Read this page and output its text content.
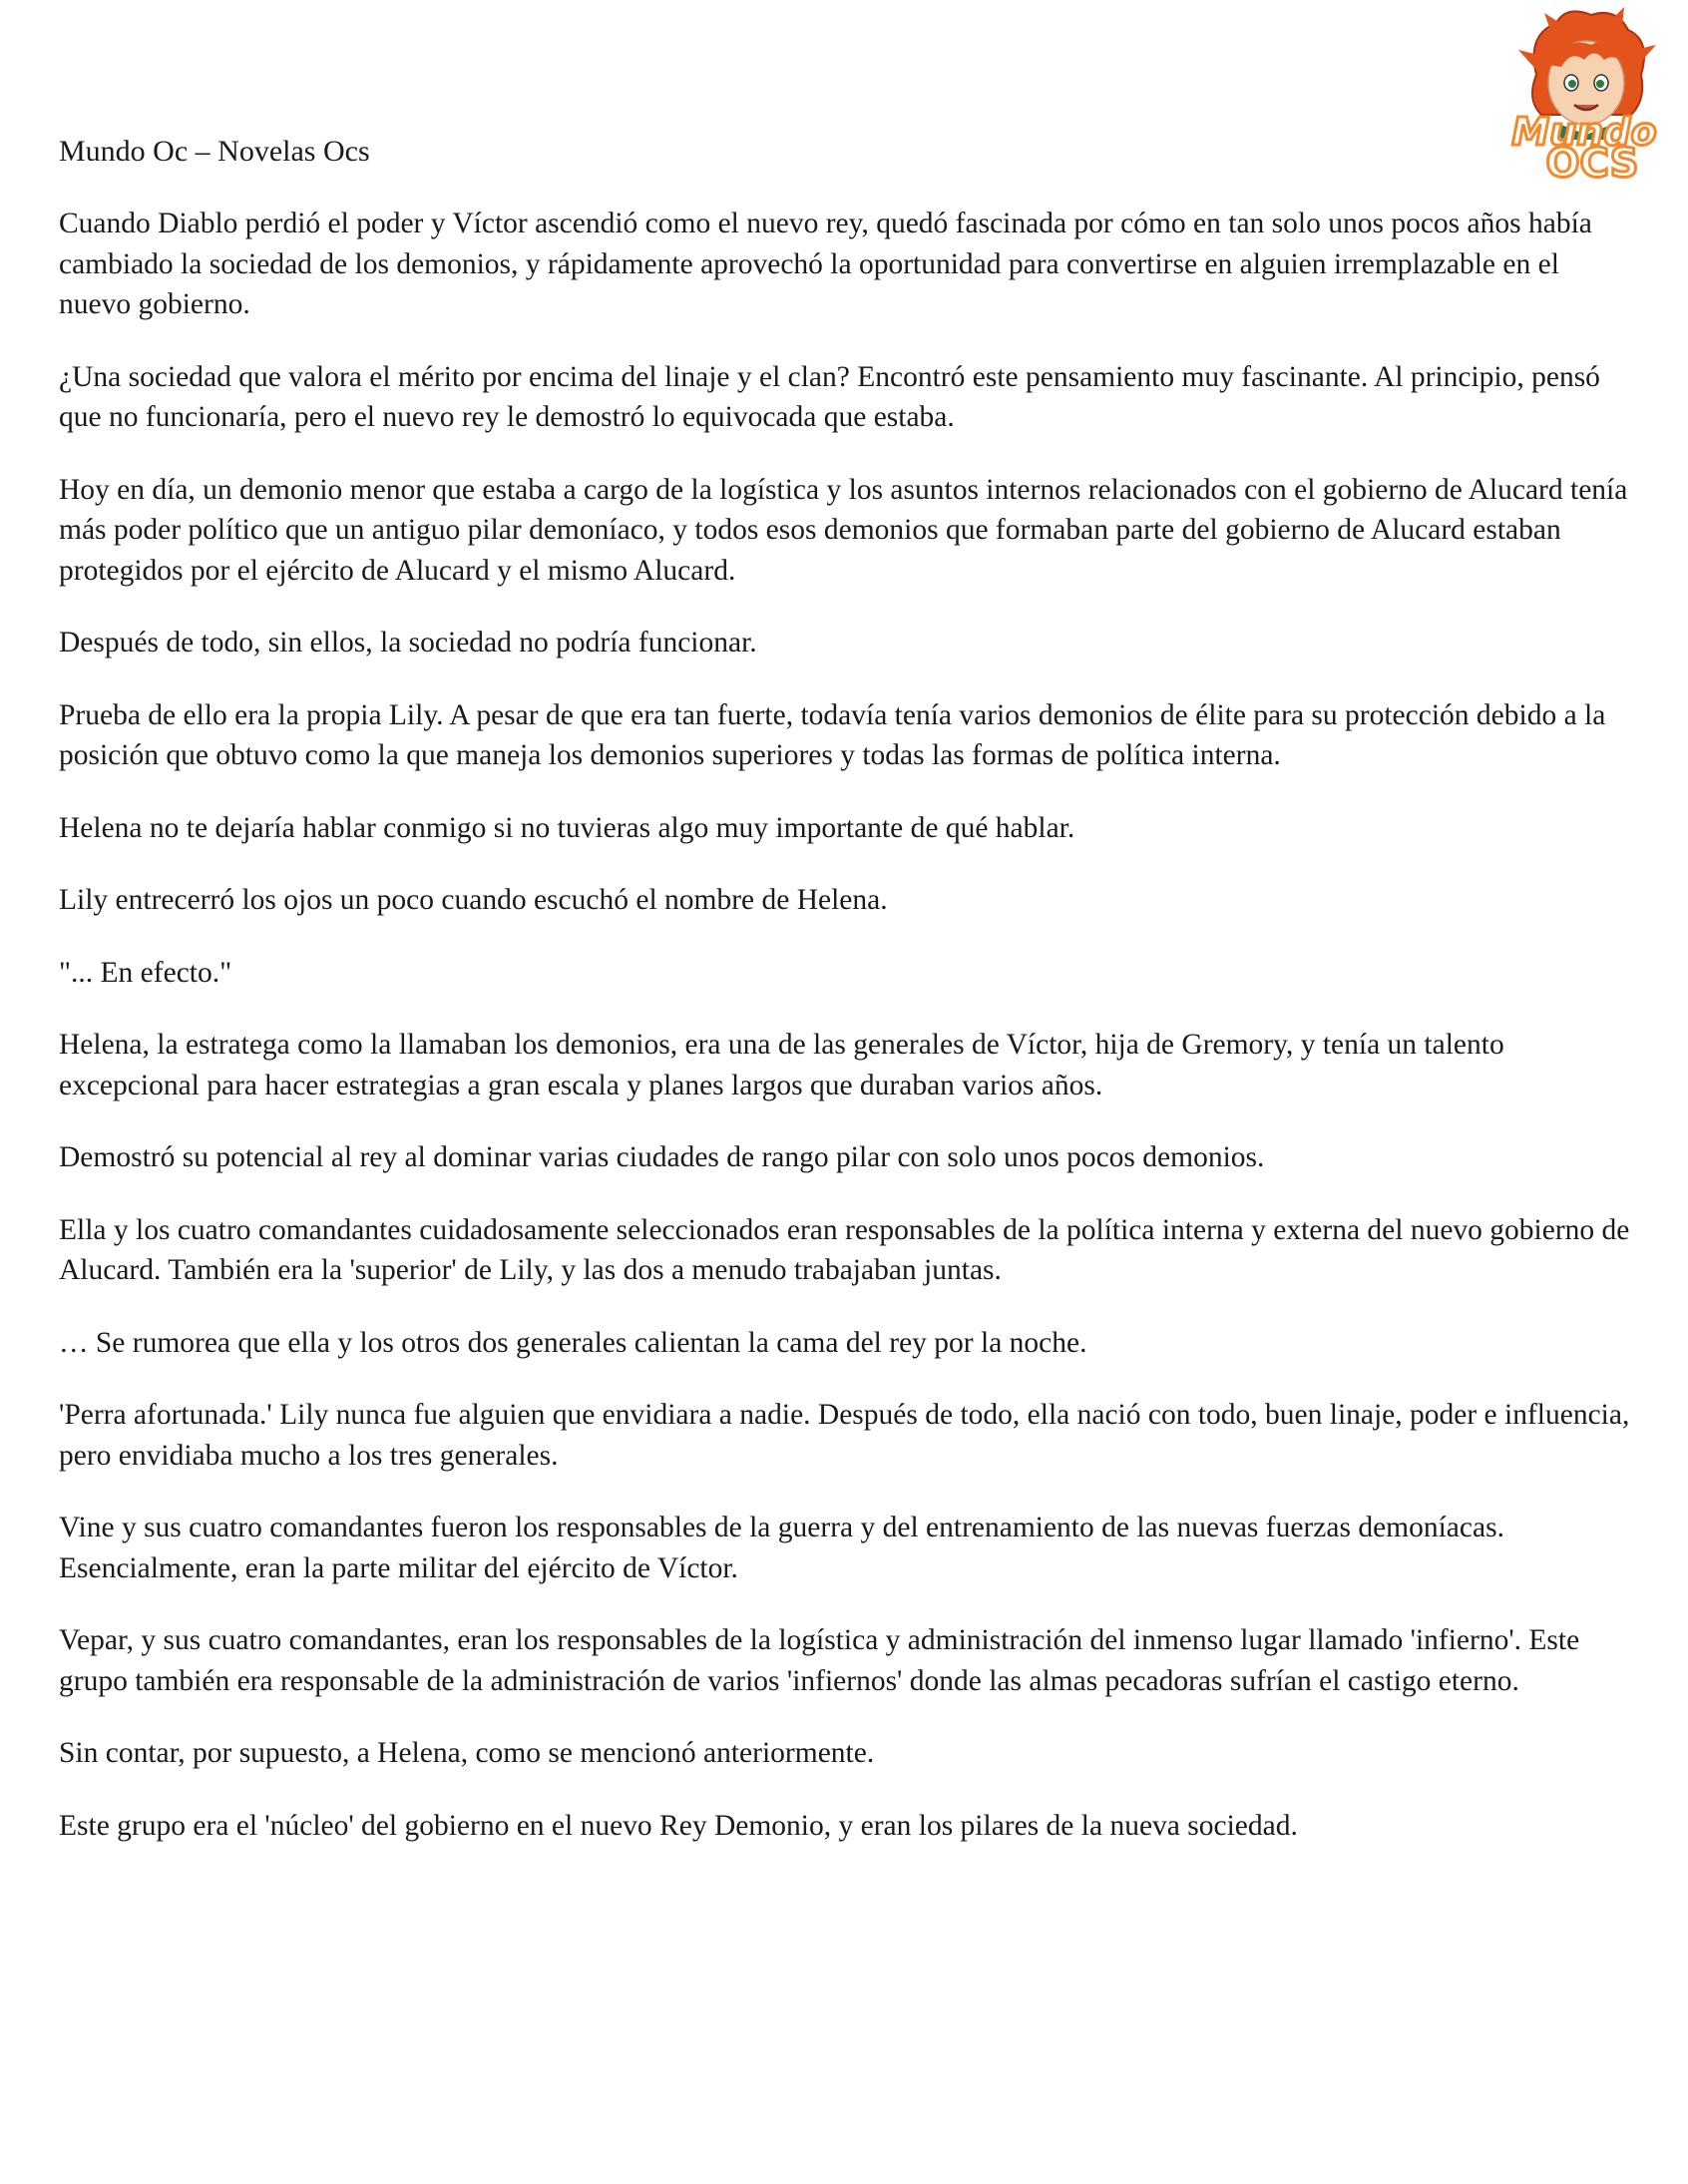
Mundo
OCS
Mundo Oc – Novelas Ocs

Cuando Diablo perdió el poder y Víctor ascendió como el nuevo rey, quedó fascinada por cómo en tan solo unos pocos años había cambiado la sociedad de los demonios, y rápidamente aprovechó la oportunidad para convertirse en alguien irremplazable en el nuevo gobierno.

¿Una sociedad que valora el mérito por encima del linaje y el clan? Encontró este pensamiento muy fascinante. Al principio, pensó que no funcionaría, pero el nuevo rey le demostró lo equivocada que estaba.

Hoy en día, un demonio menor que estaba a cargo de la logística y los asuntos internos relacionados con el gobierno de Alucard tenía más poder político que un antiguo pilar demoníaco, y todos esos demonios que formaban parte del gobierno de Alucard estaban protegidos por el ejército de Alucard y el mismo Alucard.

Después de todo, sin ellos, la sociedad no podría funcionar.

Prueba de ello era la propia Lily. A pesar de que era tan fuerte, todavía tenía varios demonios de élite para su protección debido a la posición que obtuvo como la que maneja los demonios superiores y todas las formas de política interna.

Helena no te dejaría hablar conmigo si no tuvieras algo muy importante de qué hablar.

Lily entrecerró los ojos un poco cuando escuchó el nombre de Helena.

"... En efecto."

Helena, la estratega como la llamaban los demonios, era una de las generales de Víctor, hija de Gremory, y tenía un talento excepcional para hacer estrategias a gran escala y planes largos que duraban varios años.

Demostró su potencial al rey al dominar varias ciudades de rango pilar con solo unos pocos demonios.

Ella y los cuatro comandantes cuidadosamente seleccionados eran responsables de la política interna y externa del nuevo gobierno de Alucard. También era la 'superior' de Lily, y las dos a menudo trabajaban juntas.

… Se rumorea que ella y los otros dos generales calientan la cama del rey por la noche.

'Perra afortunada.' Lily nunca fue alguien que envidiara a nadie. Después de todo, ella nació con todo, buen linaje, poder e influencia, pero envidiaba mucho a los tres generales.

Vine y sus cuatro comandantes fueron los responsables de la guerra y del entrenamiento de las nuevas fuerzas demoníacas. Esencialmente, eran la parte militar del ejército de Víctor.

Vepar, y sus cuatro comandantes, eran los responsables de la logística y administración del inmenso lugar llamado 'infierno'. Este grupo también era responsable de la administración de varios 'infiernos' donde las almas pecadoras sufrían el castigo eterno.

Sin contar, por supuesto, a Helena, como se mencionó anteriormente.

Este grupo era el 'núcleo' del gobierno en el nuevo Rey Demonio, y eran los pilares de la nueva sociedad.
